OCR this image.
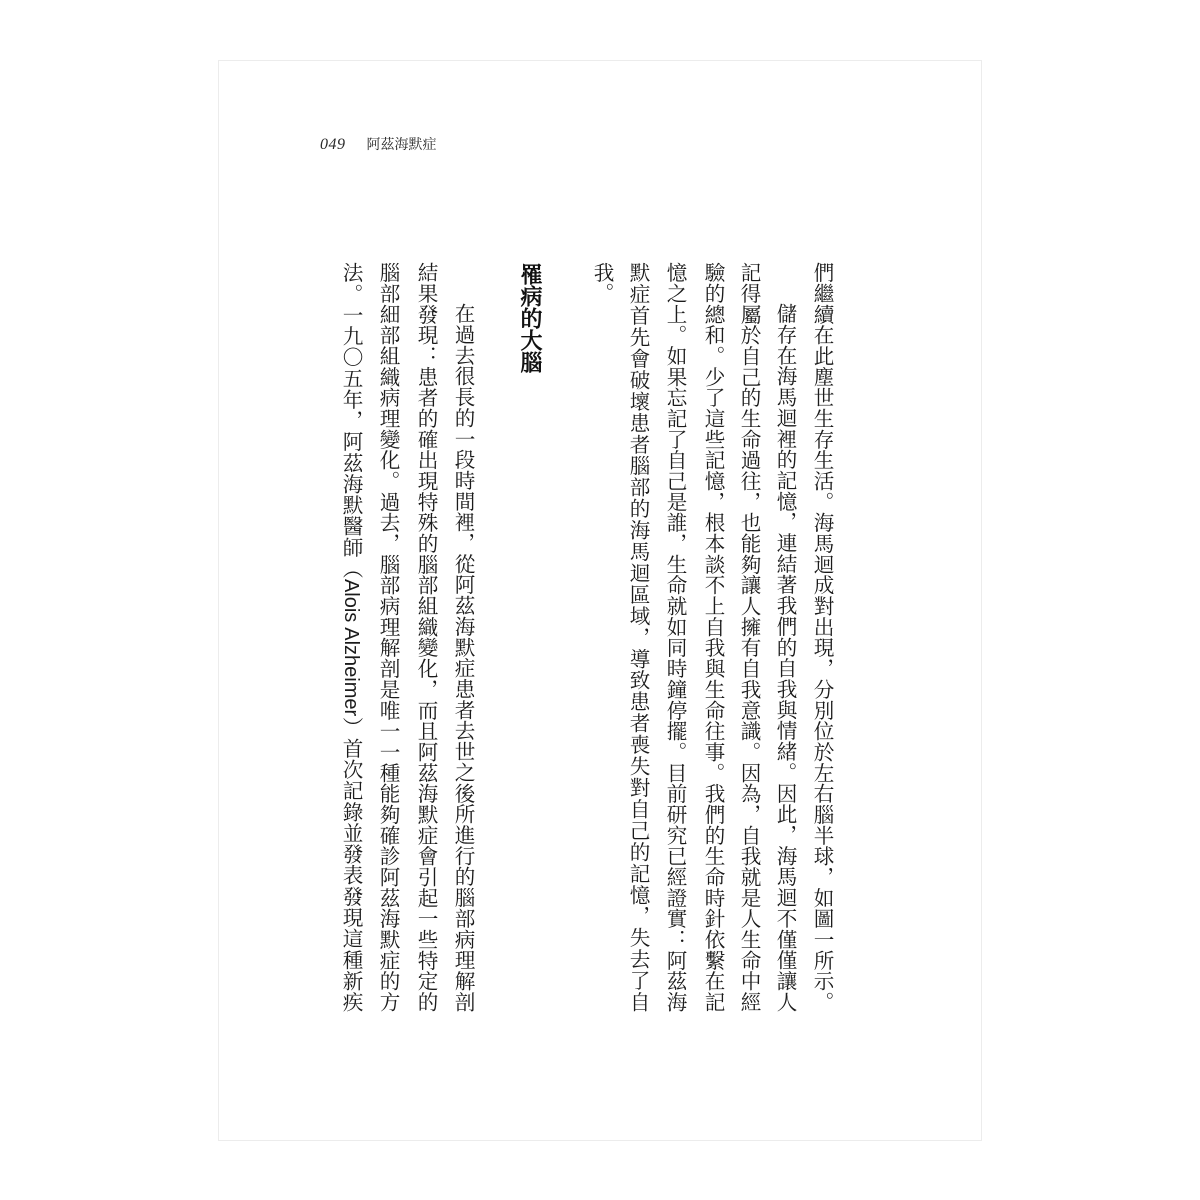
049 阿茲海默症
們繼續在此塵世生存生活。海馬迴成對出現，分別位於左右腦半球，如圖一所示。
儲存在海馬迴裡的記憶，連結著我們的自我與情緒。因此，海馬迴不僅僅讓人
記得屬於自己的生命過往，也能夠讓人擁有自我意識。因為，自我就是人生命中經
驗的總和。少了這些記憶，根本談不上自我與生命往事。我們的生命時針依繫在記
憶之上。如果忘記了自己是誰，生命就如同時鐘停擺。目前研究已經證實：阿茲海
默症首先會破壞患者腦部的海馬迴區域，導致患者喪失對自己的記憶，失去了自
我。
罹病的大腦
在過去很長的一段時間裡，從阿茲海默症患者去世之後所進行的腦部病理解剖
結果發現：患者的確出現特殊的腦部組織變化，而且阿茲海默症會引起一些特定的
腦部細部組織病理變化。過去，腦部病理解剖是唯一一種能夠確診阿茲海默症的方
法。一九〇五年，阿茲海默醫師（Alois Alzheimer）首次記錄並發表發現這種新疾
